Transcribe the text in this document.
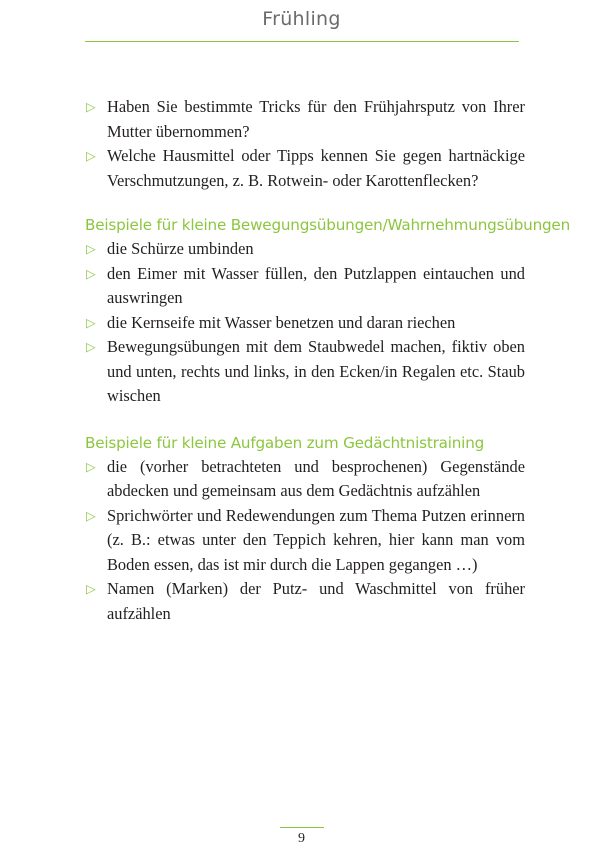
Frühling
▷ Haben Sie bestimmte Tricks für den Frühjahrsputz von Ihrer Mutter übernommen?
▷ Welche Hausmittel oder Tipps kennen Sie gegen hartnäckige Verschmutzungen, z. B. Rotwein- oder Karottenflecken?
Beispiele für kleine Bewegungsübungen/Wahrnehmungsübungen
▷ die Schürze umbinden
▷ den Eimer mit Wasser füllen, den Putzlappen eintauchen und auswringen
▷ die Kernseife mit Wasser benetzen und daran riechen
▷ Bewegungsübungen mit dem Staubwedel machen, fiktiv oben und unten, rechts und links, in den Ecken/in Regalen etc. Staub wischen
Beispiele für kleine Aufgaben zum Gedächtnistraining
▷ die (vorher betrachteten und besprochenen) Gegenstände abdecken und gemeinsam aus dem Gedächtnis aufzählen
▷ Sprichwörter und Redewendungen zum Thema Putzen erinnern (z. B.: etwas unter den Teppich kehren, hier kann man vom Boden essen, das ist mir durch die Lappen gegangen …)
▷ Namen (Marken) der Putz- und Waschmittel von früher aufzählen
9
